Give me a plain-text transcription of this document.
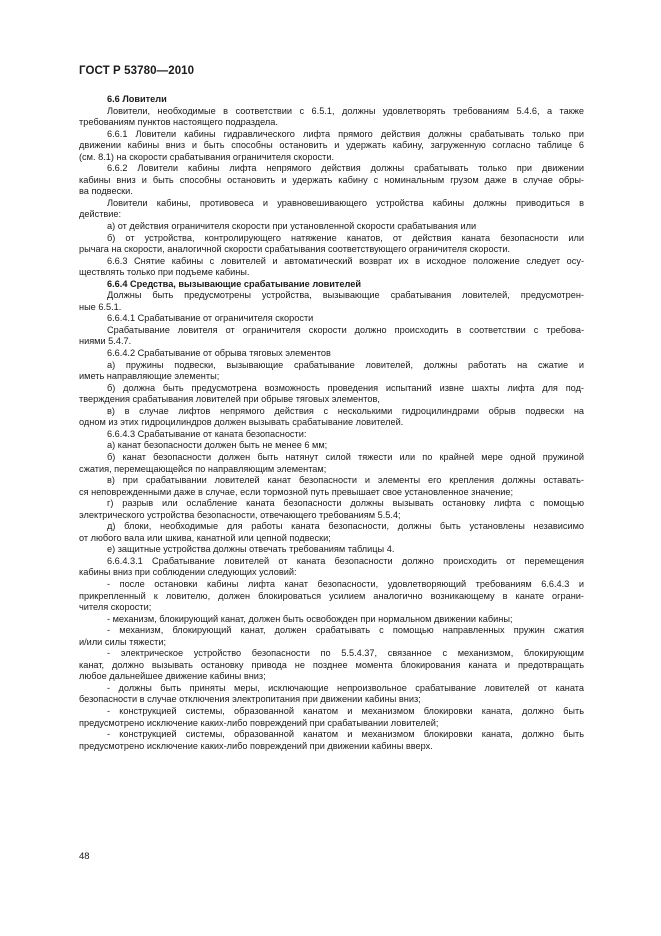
ГОСТ Р 53780—2010
6.6 Ловители
Ловители, необходимые в соответствии с 6.5.1, должны удовлетворять требованиям 5.4.6, а также
требованиям пунктов настоящего подраздела.
6.6.1 Ловители кабины гидравлического лифта прямого действия должны срабатывать только при
движении кабины вниз и быть способны остановить и удержать кабину, загруженную согласно таблице 6
(см. 8.1) на скорости срабатывания ограничителя скорости.
6.6.2 Ловители кабины лифта непрямого действия должны срабатывать только при движении
кабины вниз и быть способны остановить и удержать кабину с номинальным грузом даже в случае обры-
ва подвески.
Ловители кабины, противовеса и уравновешивающего устройства кабины должны приводиться в
действие:
а) от действия ограничителя скорости при установленной скорости срабатывания или
б) от устройства, контролирующего натяжение канатов, от действия каната безопасности или
рычага на скорости, аналогичной скорости срабатывания соответствующего ограничителя скорости.
6.6.3 Снятие кабины с ловителей и автоматический возврат их в исходное положение следует осу-
ществлять только при подъеме кабины.
6.6.4 Средства, вызывающие срабатывание ловителей
Должны быть предусмотрены устройства, вызывающие срабатывания ловителей, предусмотрен-
ные 6.5.1.
6.6.4.1 Срабатывание от ограничителя скорости
Срабатывание ловителя от ограничителя скорости должно происходить в соответствии с требова-
ниями 5.4.7.
6.6.4.2 Срабатывание от обрыва тяговых элементов
а) пружины подвески, вызывающие срабатывание ловителей, должны работать на сжатие и
иметь направляющие элементы;
б) должна быть предусмотрена возможность проведения испытаний извне шахты лифта для под-
тверждения срабатывания ловителей при обрыве тяговых элементов,
в) в случае лифтов непрямого действия с несколькими гидроцилиндрами обрыв подвески на
одном из этих гидроцилиндров должен вызывать срабатывание ловителей.
6.6.4.3 Срабатывание от каната безопасности:
а) канат безопасности должен быть не менее 6 мм;
б) канат безопасности должен быть натянут силой тяжести или по крайней мере одной пружиной
сжатия, перемещающейся по направляющим элементам;
в) при срабатывании ловителей канат безопасности и элементы его крепления должны оставать-
ся неповрежденными даже в случае, если тормозной путь превышает свое установленное значение;
г) разрыв или ослабление каната безопасности должны вызывать остановку лифта с помощью
электрического устройства безопасности, отвечающего требованиям 5.5.4;
д) блоки, необходимые для работы каната безопасности, должны быть установлены независимо
от любого вала или шкива, канатной или цепной подвески;
е) защитные устройства должны отвечать требованиям таблицы 4.
6.6.4.3.1 Срабатывание ловителей от каната безопасности должно происходить от перемещения
кабины вниз при соблюдении следующих условий:
- после остановки кабины лифта канат безопасности, удовлетворяющий требованиям 6.6.4.3 и
прикрепленный к ловителю, должен блокироваться усилием аналогично возникающему в канате ограни-
чителя скорости;
- механизм, блокирующий канат, должен быть освобожден при нормальном движении кабины;
- механизм, блокирующий канат, должен срабатывать с помощью направленных пружин сжатия
и/или силы тяжести;
- электрическое устройство безопасности по 5.5.4.37, связанное с механизмом, блокирующим
канат, должно вызывать остановку привода не позднее момента блокирования каната и предотвращать
любое дальнейшее движение кабины вниз;
- должны быть приняты меры, исключающие непроизвольное срабатывание ловителей от каната
безопасности в случае отключения электропитания при движении кабины вниз;
- конструкцией системы, образованной канатом и механизмом блокировки каната, должно быть
предусмотрено исключение каких-либо повреждений при срабатывании ловителей;
- конструкцией системы, образованной канатом и механизмом блокировки каната, должно быть
предусмотрено исключение каких-либо повреждений при движении кабины вверх.
48
